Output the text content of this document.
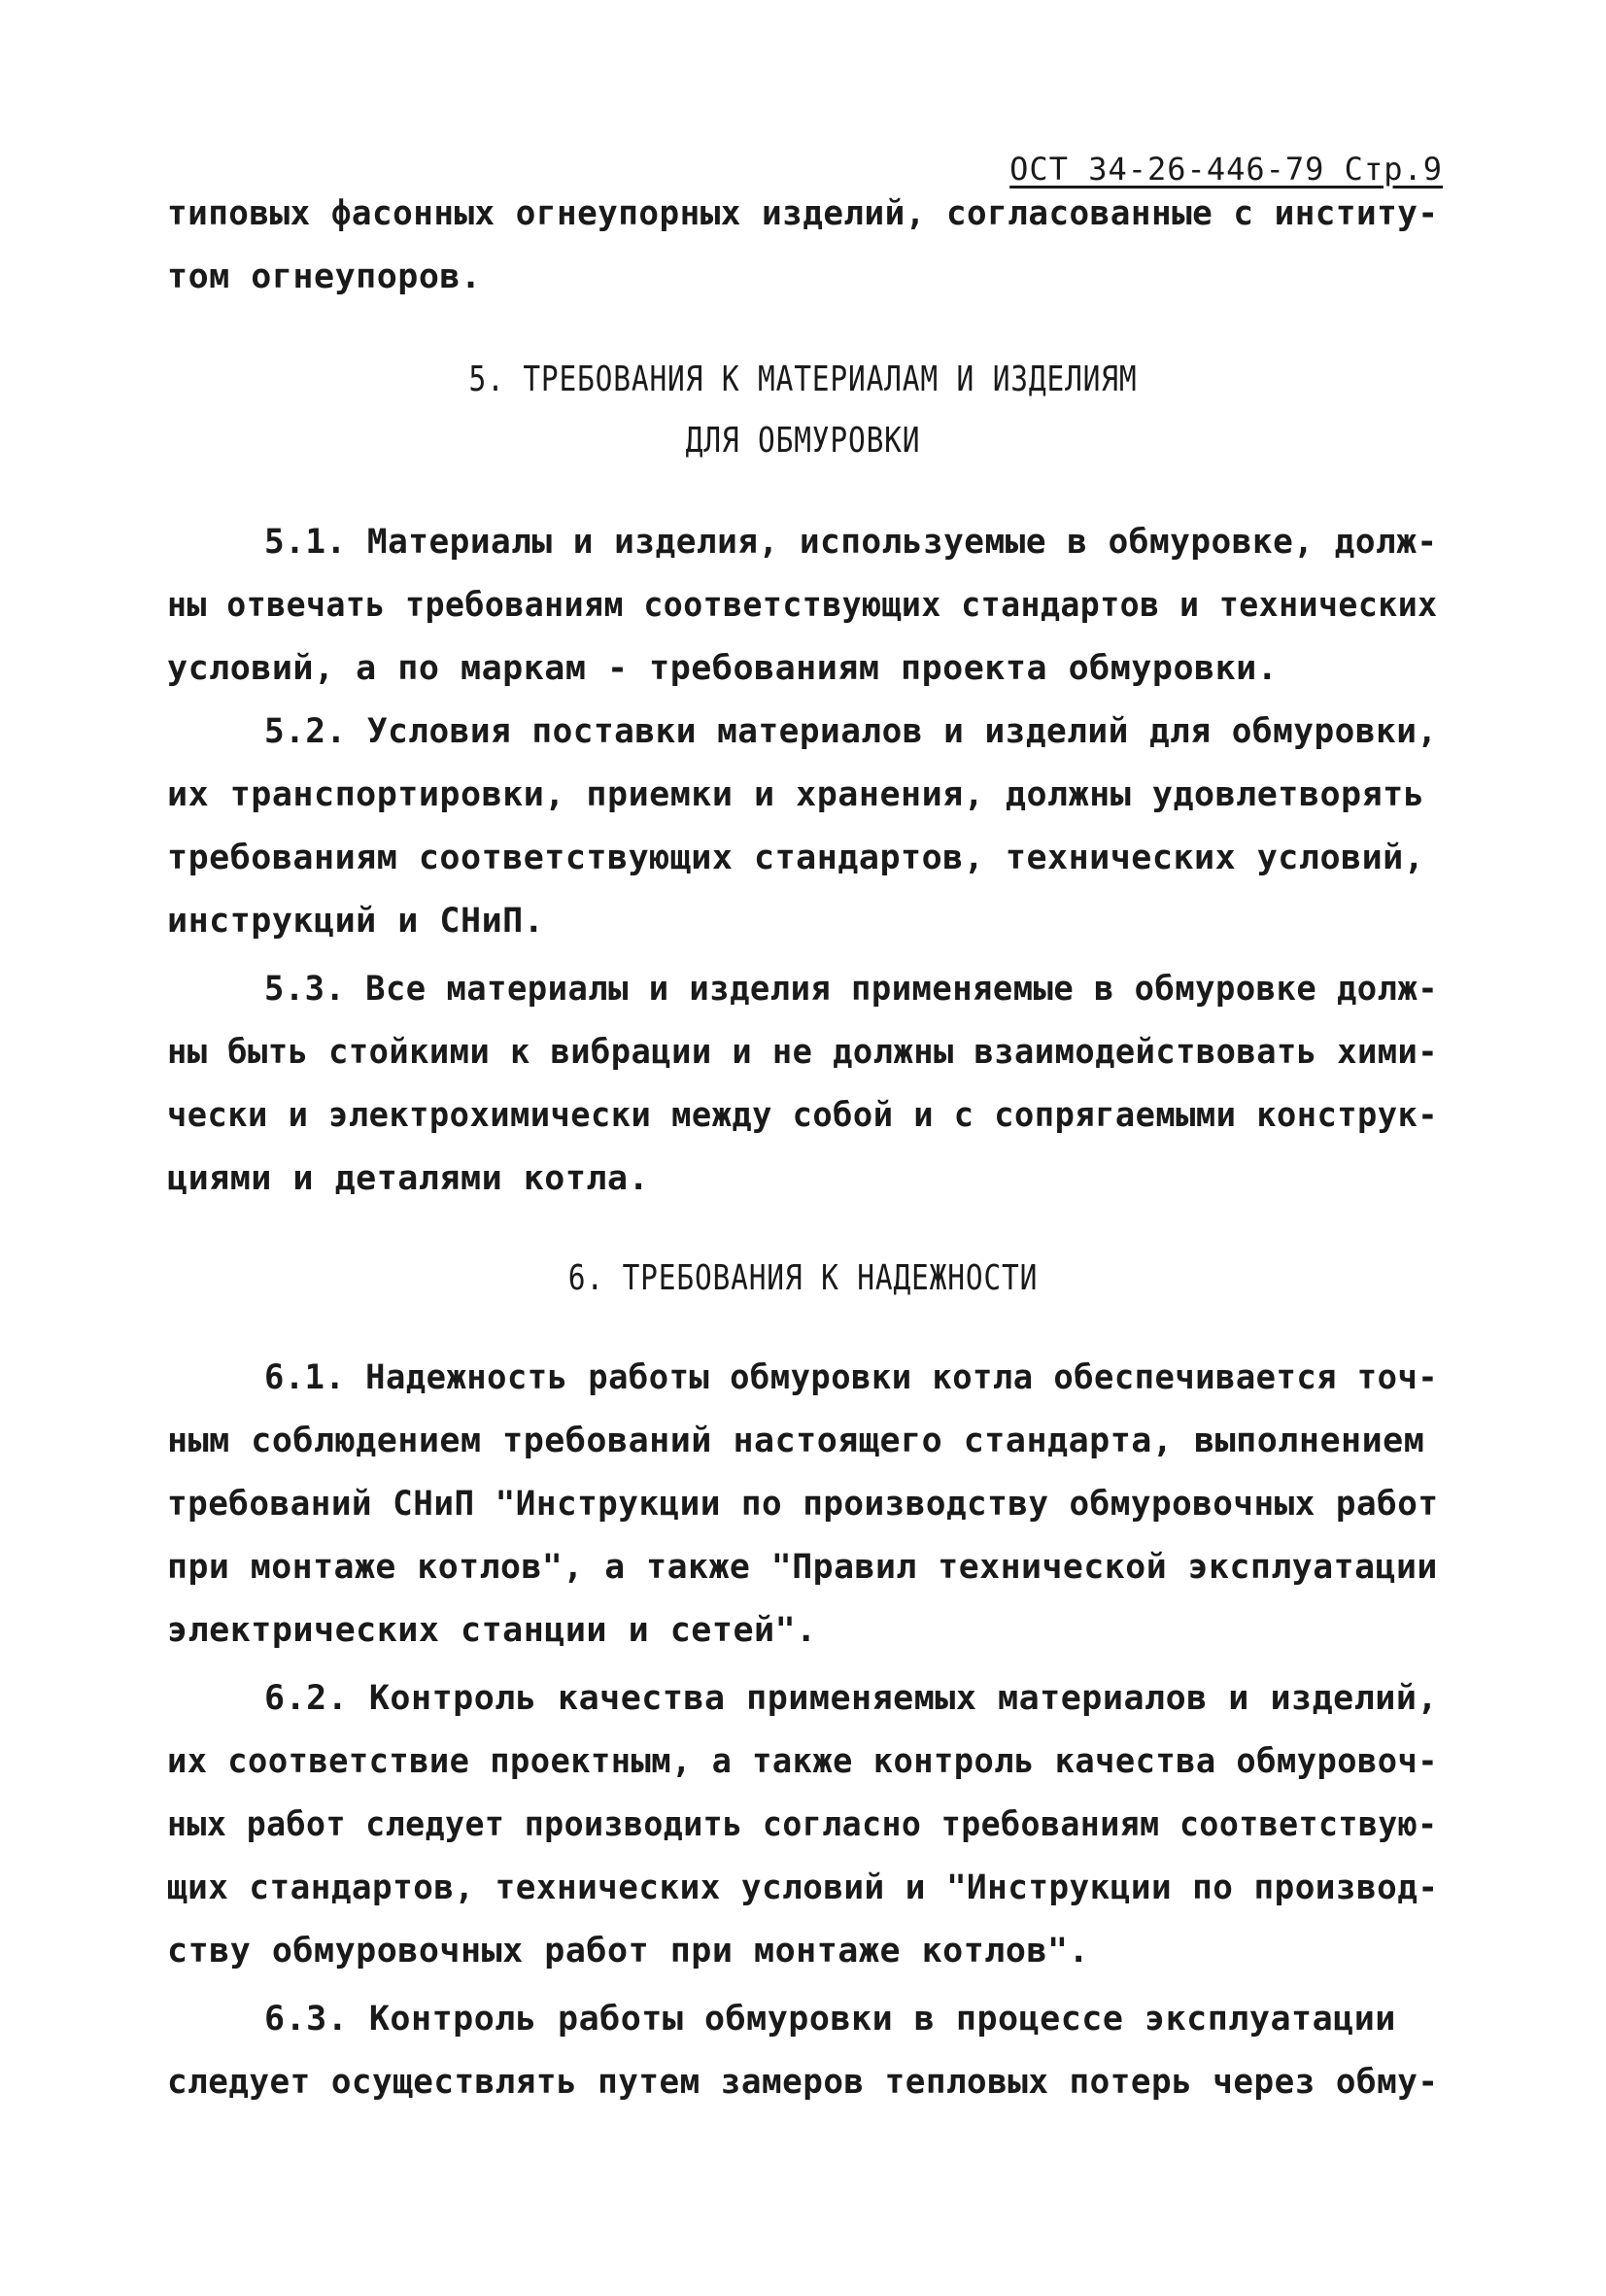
ОСТ 34-26-446-79 Стр.9
типовых фасонных огнеупорных изделий, согласованные с институ-
том огнеупоров.
5. ТРЕБОВАНИЯ К МАТЕРИАЛАМ И ИЗДЕЛИЯМ
ДЛЯ ОБМУРОВКИ
5.1. Материалы и изделия, используемые в обмуровке, долж-
ны отвечать требованиям соответствующих стандартов и технических
условий, а по маркам - требованиям проекта обмуровки.
5.2. Условия поставки материалов и изделий для обмуровки,
их транспортировки, приемки и хранения, должны удовлетворять
требованиям соответствующих стандартов, технических условий,
инструкций и СНиП.
5.3. Все материалы и изделия применяемые в обмуровке долж-
ны быть стойкими к вибрации и не должны взаимодействовать хими-
чески и электрохимически между собой и с сопрягаемыми конструк-
циями и деталями котла.
6. ТРЕБОВАНИЯ К НАДЕЖНОСТИ
6.1. Надежность работы обмуровки котла обеспечивается точ-
ным соблюдением требований настоящего стандарта, выполнением
требований СНиП "Инструкции по производству обмуровочных работ
при монтаже котлов", а также "Правил технической эксплуатации
электрических станции и сетей".
6.2. Контроль качества применяемых материалов и изделий,
их соответствие проектным, а также контроль качества обмуровоч-
ных работ следует производить согласно требованиям соответствую-
щих стандартов, технических условий и "Инструкции по производ-
ству обмуровочных работ при монтаже котлов".
6.3. Контроль работы обмуровки в процессе эксплуатации
следует осуществлять путем замеров тепловых потерь через обму-
